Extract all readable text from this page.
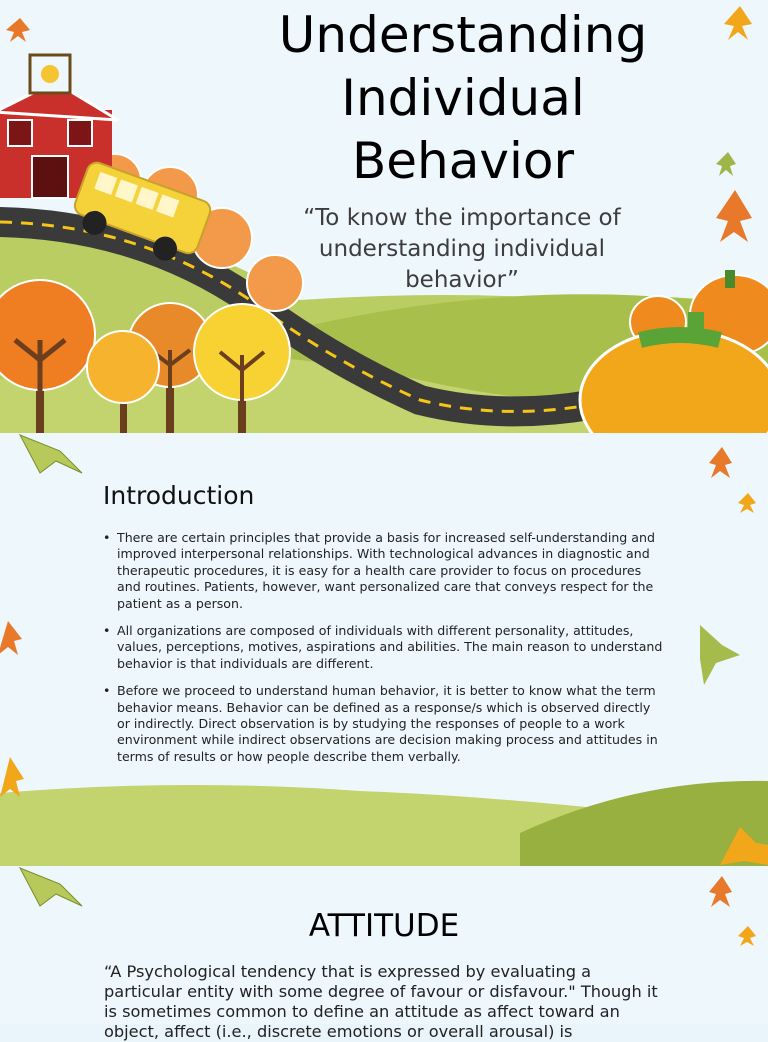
Understanding Individual Behavior
“To know the importance of understanding individual behavior”
Introduction
• There are certain principles that provide a basis for increased self-understanding and improved interpersonal relationships. With technological advances in diagnostic and therapeutic procedures, it is easy for a health care provider to focus on procedures and routines. Patients, however, want personalized care that conveys respect for the patient as a person.
• All organizations are composed of individuals with different personality, attitudes, values, perceptions, motives, aspirations and abilities. The main reason to understand behavior is that individuals are different.
• Before we proceed to understand human behavior, it is better to know what the term behavior means. Behavior can be defined as a response/s which is observed directly or indirectly. Direct observation is by studying the responses of people to a work environment while indirect observations are decision making process and attitudes in terms of results or how people describe them verbally.
ATTITUDE
“A Psychological tendency that is expressed by evaluating a particular entity with some degree of favour or disfavour." Though it is sometimes common to define an attitude as affect toward an object, affect (i.e., discrete emotions or overall arousal) is
